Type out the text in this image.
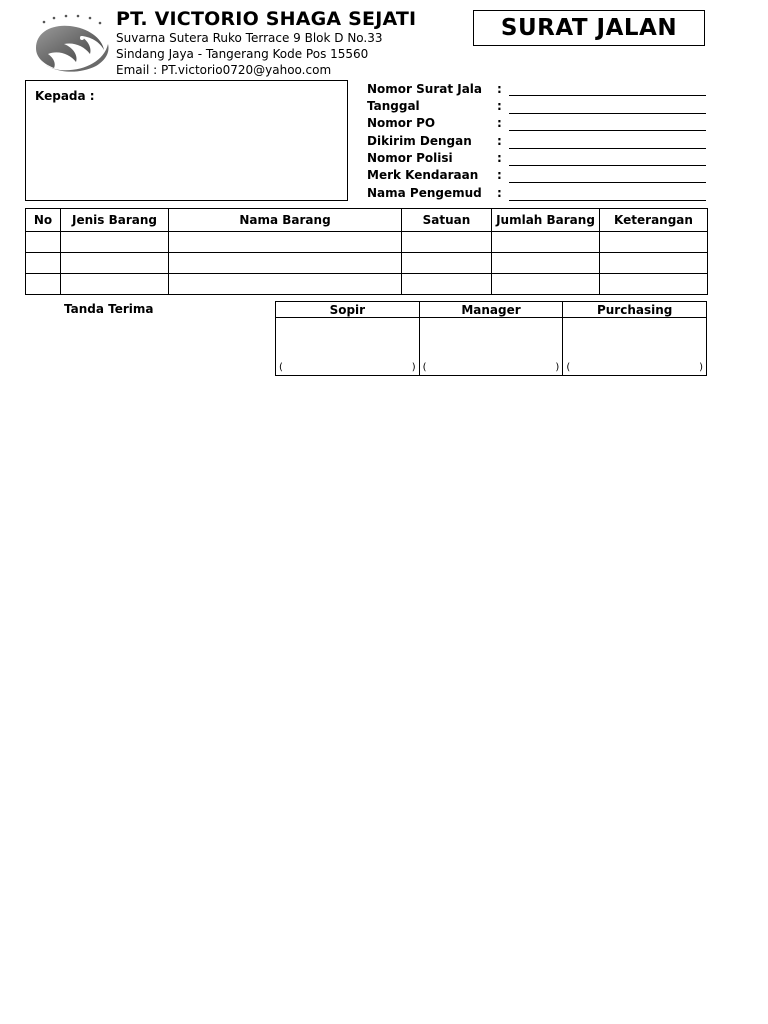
PT. VICTORIO SHAGA SEJATI
Suvarna Sutera Ruko Terrace 9 Blok D No.33
Sindang Jaya - Tangerang Kode Pos 15560
Email : PT.victorio0720@yahoo.com
SURAT JALAN
Kepada :	Nomor Surat Jala	:
Tanggal	:
Nomor PO	:
Dikirim Dengan	:
Nomor Polisi	:
Merk Kendaraan	:
Nama Pengemud	:
No	Jenis Barang	Nama Barang	Satuan	Jumlah Barang	Keterangan

Tanda Terima	Sopir	Manager	Purchasing

( )	( )	( )
